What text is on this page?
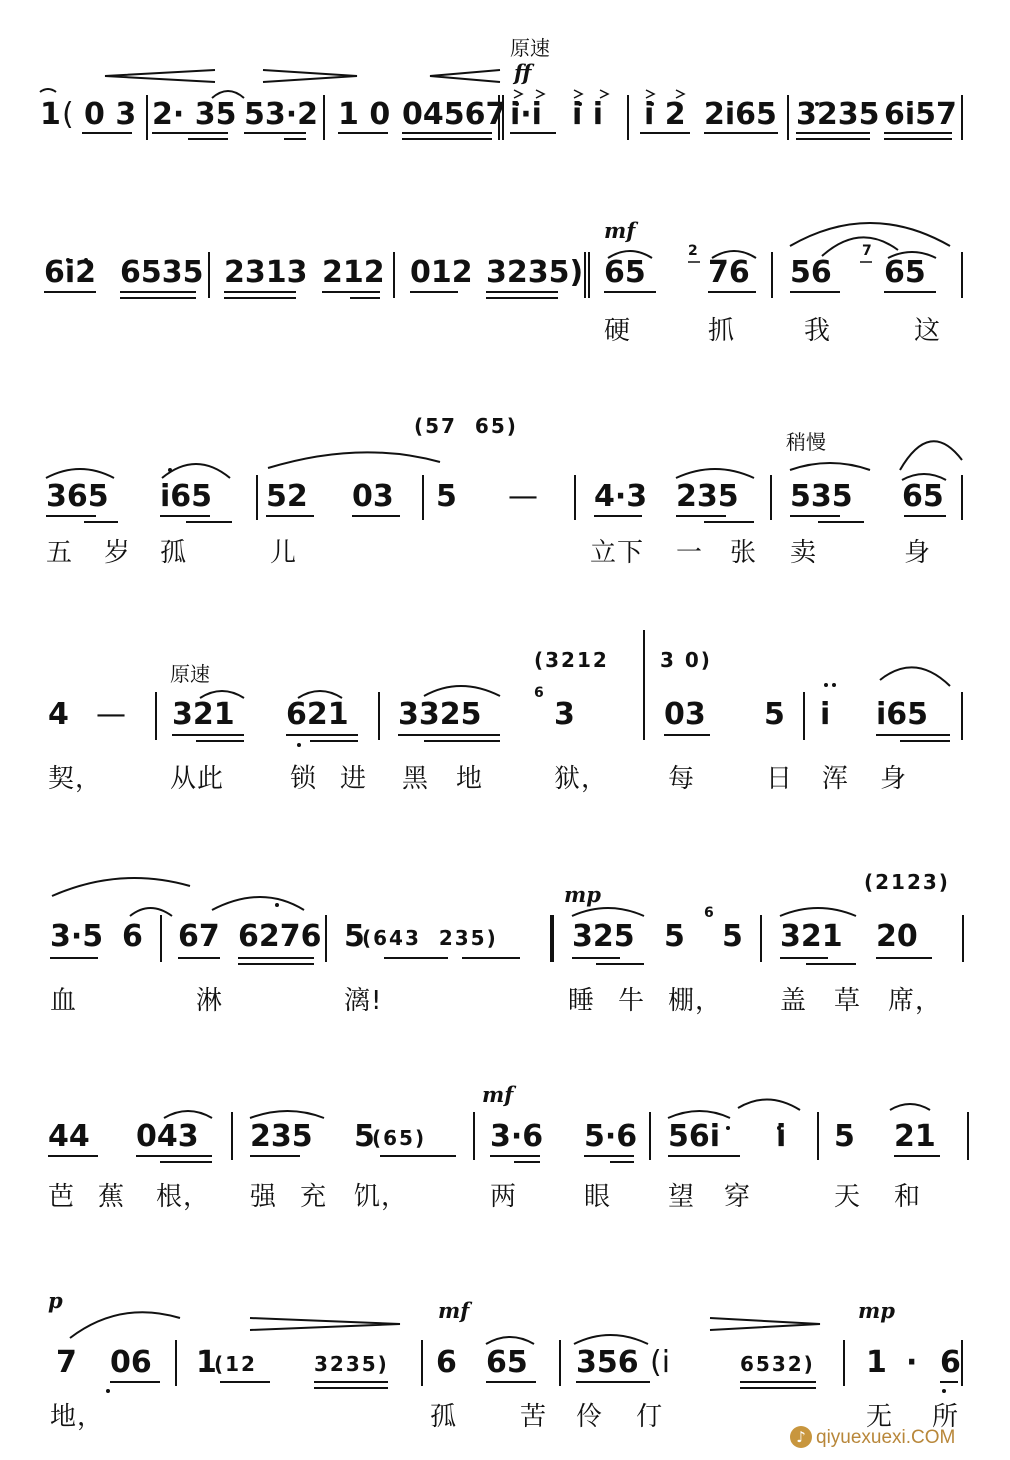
原速
ff
mf
稍慢
原速
mp
mf
p	mf	mp
1 ( 0 3 2· 35 53·2 1 0 04567 i·i i i i 2 2i65 3235 6i57
6i2 6535 2313 212 012 3235) 65
2
76 56
7
65
硬	抓	我	这
(57  65)
365 i65 52 03 5 — 4·3 235 535 65
五 岁 孤	儿	立下 一 张 卖	身
(3212	3 0)
4 — 321 621 3325
6
3	03 5 i i65
契，	从此	锁 进 黑 地	狱， 每	日 浑 身
(2123)
3·5 6 67 6276 5
(643  235) 325 5
6
5 321 20
血	淋	漓!	睡 牛 棚， 盖 草 席，
44 043 235 5
(65) 3·6 5·6 56i i 5 21
芭 蕉 根， 强 充 饥，	两	眼 望 穿	天 和
7 06 1
(12	3235) 6 65 356 (i	6532) 1 · 6
地，	孤 苦 伶 仃	无 所
♪ qiyuexuexi.COM
